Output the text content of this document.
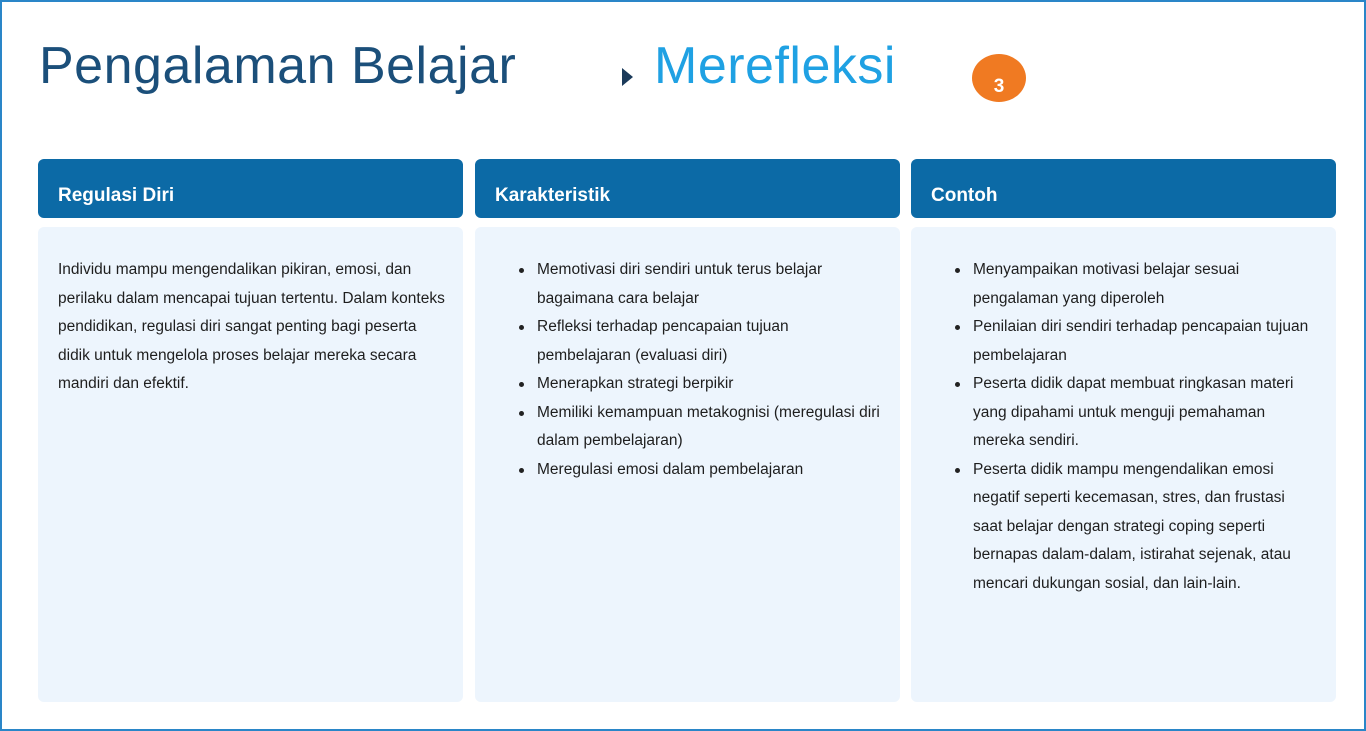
Pengalaman Belajar	Merefleksi	3
Regulasi Diri

Individu mampu mengendalikan pikiran, emosi, dan perilaku dalam mencapai tujuan tertentu. Dalam konteks pendidikan, regulasi diri sangat penting bagi peserta didik untuk mengelola proses belajar mereka secara mandiri dan efektif.

Karakteristik
Memotivasi diri sendiri untuk terus belajar bagaimana cara belajar
Refleksi terhadap pencapaian tujuan pembelajaran (evaluasi diri)
Menerapkan strategi berpikir
Memiliki kemampuan metakognisi (meregulasi diri dalam pembelajaran)
Meregulasi emosi dalam pembelajaran
Contoh
Menyampaikan motivasi belajar sesuai pengalaman yang diperoleh
Penilaian diri sendiri terhadap pencapaian tujuan pembelajaran
Peserta didik dapat membuat ringkasan materi yang dipahami untuk menguji pemahaman mereka sendiri.
Peserta didik mampu mengendalikan emosi negatif seperti kecemasan, stres, dan frustasi saat belajar dengan strategi coping seperti bernapas dalam-dalam, istirahat sejenak, atau mencari dukungan sosial, dan lain-lain.
